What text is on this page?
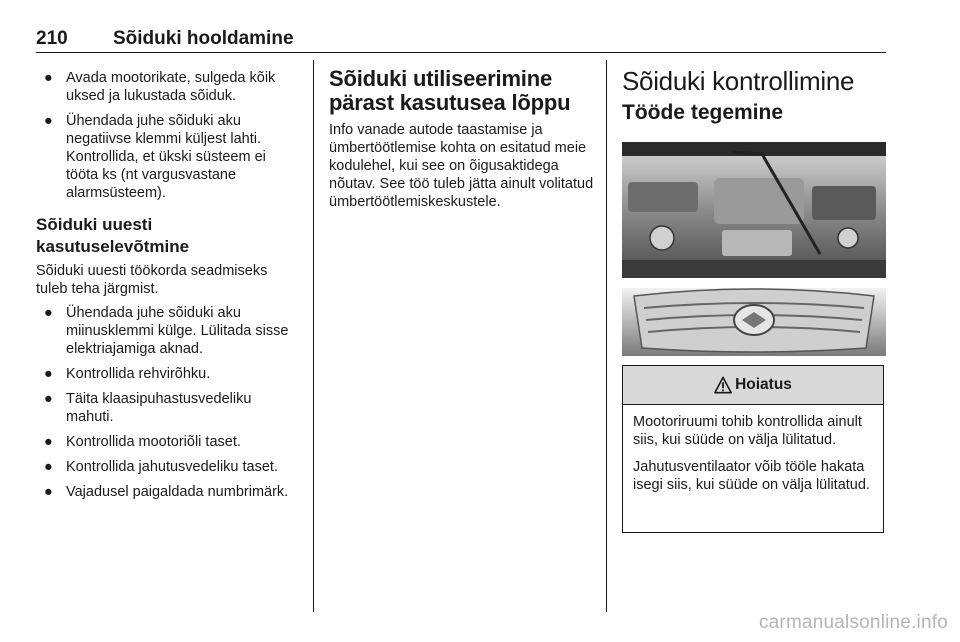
210 Sõiduki hooldamine

● Avada mootorikate, sulgeda kõik uksed ja lukustada sõiduk.

● Ühendada juhe sõiduki aku negatiivse klemmi küljest lahti. Kontrollida, et ükski süsteem ei tööta ks (nt vargusvastane alarmsüsteem).

Sõiduki uuesti kasutuselevõtmine

Sõiduki uuesti töökorda seadmiseks tuleb teha järgmist.

● Ühendada juhe sõiduki aku miinusklemmi külge. Lülitada sisse elektriajamiga aknad.

● Kontrollida rehvirõhku.

● Täita klaasipuhastusvedeliku mahuti.

● Kontrollida mootoriõli taset.

● Kontrollida jahutusvedeliku taset.

● Vajadusel paigaldada numbrimärk.

Sõiduki utiliseerimine pärast kasutusea lõppu

Info vanade autode taastamise ja ümbertöötlemise kohta on esitatud meie kodulehel, kui see on õigusaktidega nõutav. See töö tuleb jätta ainult volitatud ümbertöötlemiskeskustele.

Sõiduki kontrollimine
Tööde tegemine
Hoiatus

Mootoriruumi tohib kontrollida ainult siis, kui süüde on välja lülitatud.

Jahutusventilaator võib tööle hakata isegi siis, kui süüde on välja lülitatud.

carmanualsonline.info
